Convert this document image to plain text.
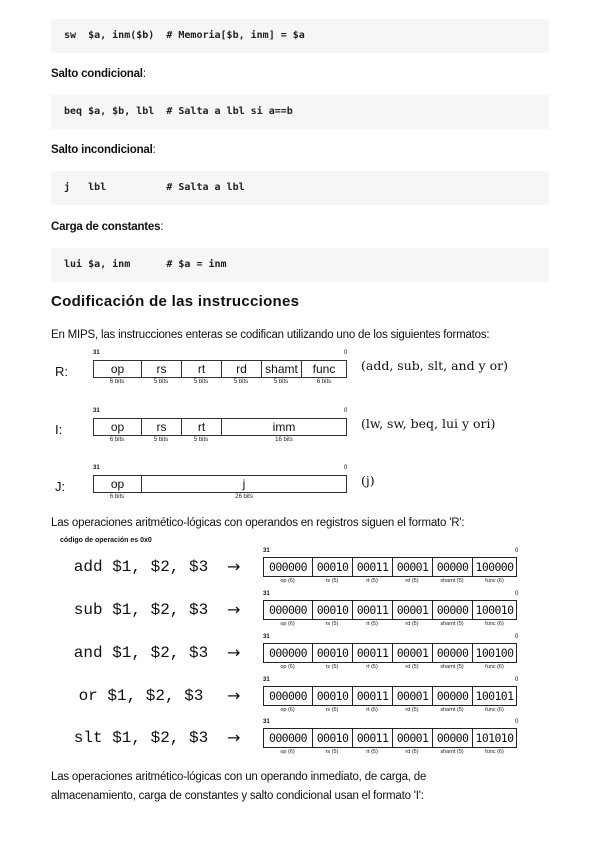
sw  $a, inm($b)  # Memoria[$b, inm] = $a
Salto condicional:
beq $a, $b, lbl  # Salta a lbl si a==b
Salto incondicional:
j   lbl          # Salta a lbl
Carga de constantes:
lui $a, inm      # $a = inm
Codificación de las instrucciones
En MIPS, las instrucciones enteras se codifican utilizando uno de los siguientes formatos:
R:
31	0
op	rs	rt	rd	shamt	func
6 bits	5 bits	5 bits	5 bits	5 bits	6 bits
(add, sub, slt, and y or)
I:
31	0
op	rs	rt	imm
6 bits	5 bits	5 bits	16 bits
(lw, sw, beq, lui y ori)
J:
31	0
op	j
6 bits	26 bits
(j)
Las operaciones aritmético-lógicas con operandos en registros siguen el formato 'R':
código de operación es 0x0
add $1, $2, $3	→
31	0
000000 00010 00011 00001 00000 100000
op (6)	rs (5)	rt (5)	rd (5)	shamt (5)	func (6)
sub $1, $2, $3	→
31	0
000000 00010 00011 00001 00000 100010
op (6)	rs (5)	rt (5)	rd (5)	shamt (5)	func (6)
and $1, $2, $3	→
31	0
000000 00010 00011 00001 00000 100100
op (6)	rs (5)	rt (5)	rd (5)	shamt (5)	func (6)
or $1, $2, $3	→
31	0
000000 00010 00011 00001 00000 100101
op (6)	rs (5)	rt (5)	rd (5)	shamt (5)	func (6)
slt $1, $2, $3	→
31	0
000000 00010 00011 00001 00000 101010
op (6)	rs (5)	rt (5)	rd (5)	shamt (5)	func (6)
Las operaciones aritmético-lógicas con un operando inmediato, de carga, de
almacenamiento, carga de constantes y salto condicional usan el formato 'I':
